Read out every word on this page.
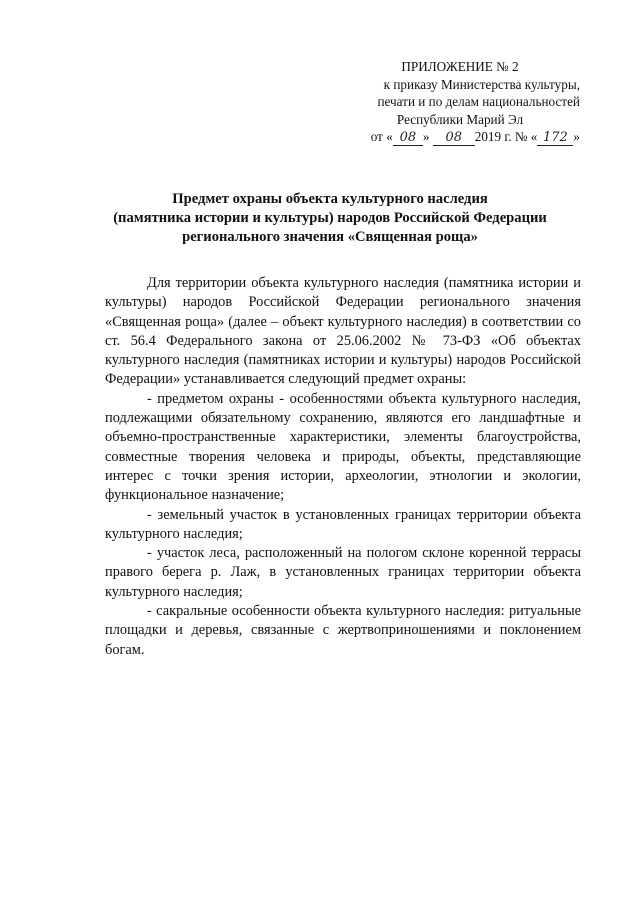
ПРИЛОЖЕНИЕ № 2
к приказу Министерства культуры,
печати и по делам национальностей
Республики Марий Эл
от « 08 » 08 2019 г. № « 172 »
Предмет охраны объекта культурного наследия
(памятника истории и культуры) народов Российской Федерации
регионального значения «Священная роща»

Для территории объекта культурного наследия (памятника истории и культуры) народов Российской Федерации регионального значения «Священная роща» (далее – объект культурного наследия) в соответствии со ст. 56.4 Федерального закона от 25.06.2002 № 73-ФЗ «Об объектах культурного наследия (памятниках истории и культуры) народов Российской Федерации» устанавливается следующий предмет охраны:

- предметом охраны - особенностями объекта культурного наследия, подлежащими обязательному сохранению, являются его ландшафтные и объемно-пространственные характеристики, элементы благоустройства, совместные творения человека и природы, объекты, представляющие интерес с точки зрения истории, археологии, этнологии и экологии, функциональное назначение;

- земельный участок в установленных границах территории объекта культурного наследия;

- участок леса, расположенный на пологом склоне коренной террасы правого берега р. Лаж, в установленных границах территории объекта культурного наследия;

- сакральные особенности объекта культурного наследия: ритуальные площадки и деревья, связанные с жертвоприношениями и поклонением богам.
